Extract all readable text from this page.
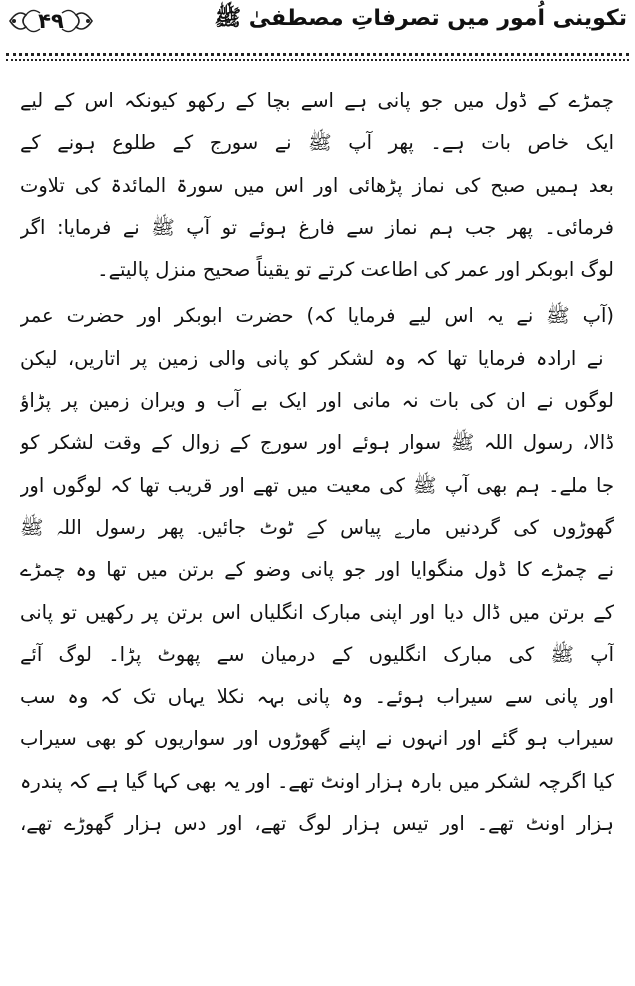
۴۹	تکوینی اُمور میں تصرفاتِ مصطفیٰ ﷺ
چمڑے کے ڈول میں جو پانی ہے اسے بچا کے رکھو کیونکہ اس کے لیے
ایک خاص بات ہے۔ پھر آپ ﷺ نے سورج کے طلوع ہونے کے
بعد ہمیں صبح کی نماز پڑھائی اور اس میں سورۃ المائدۃ کی تلاوت
فرمائی۔ پھر جب ہم نماز سے فارغ ہوئے تو آپ ﷺ نے فرمایا: اگر
لوگ ابوبکر اور عمر کی اطاعت کرتے تو یقیناً صحیح منزل پالیتے۔
(آپ ﷺ نے یہ اس لیے فرمایا کہ) حضرت ابوبکر اور حضرت عمر
ؓ نے ارادہ فرمایا تھا کہ وہ لشکر کو پانی والی زمین پر اتاریں، لیکن
لوگوں نے ان کی بات نہ مانی اور ایک بے آب و ویران زمین پر پڑاؤ
ڈالا، رسول اللہ ﷺ سوار ہوئے اور سورج کے زوال کے وقت لشکر کو
جا ملے۔ ہم بھی آپ ﷺ کی معیت میں تھے اور قریب تھا کہ لوگوں اور
گھوڑوں کی گردنیں مارے پیاس کے ٹوٹ جائیں۔ پھر رسول اللہ ﷺ
نے چمڑے کا ڈول منگوایا اور جو پانی وضو کے برتن میں تھا وہ چمڑے
کے برتن میں ڈال دیا اور اپنی مبارک انگلیاں اس برتن پر رکھیں تو پانی
آپ ﷺ کی مبارک انگلیوں کے درمیان سے پھوٹ پڑا۔ لوگ آئے
اور پانی سے سیراب ہوئے۔ وہ پانی بہہ نکلا یہاں تک کہ وہ سب
سیراب ہو گئے اور انہوں نے اپنے گھوڑوں اور سواریوں کو بھی سیراب
کیا اگرچہ لشکر میں بارہ ہزار اونٹ تھے۔ اور یہ بھی کہا گیا ہے کہ پندرہ
ہزار اونٹ تھے۔ اور تیس ہزار لوگ تھے، اور دس ہزار گھوڑے تھے،
